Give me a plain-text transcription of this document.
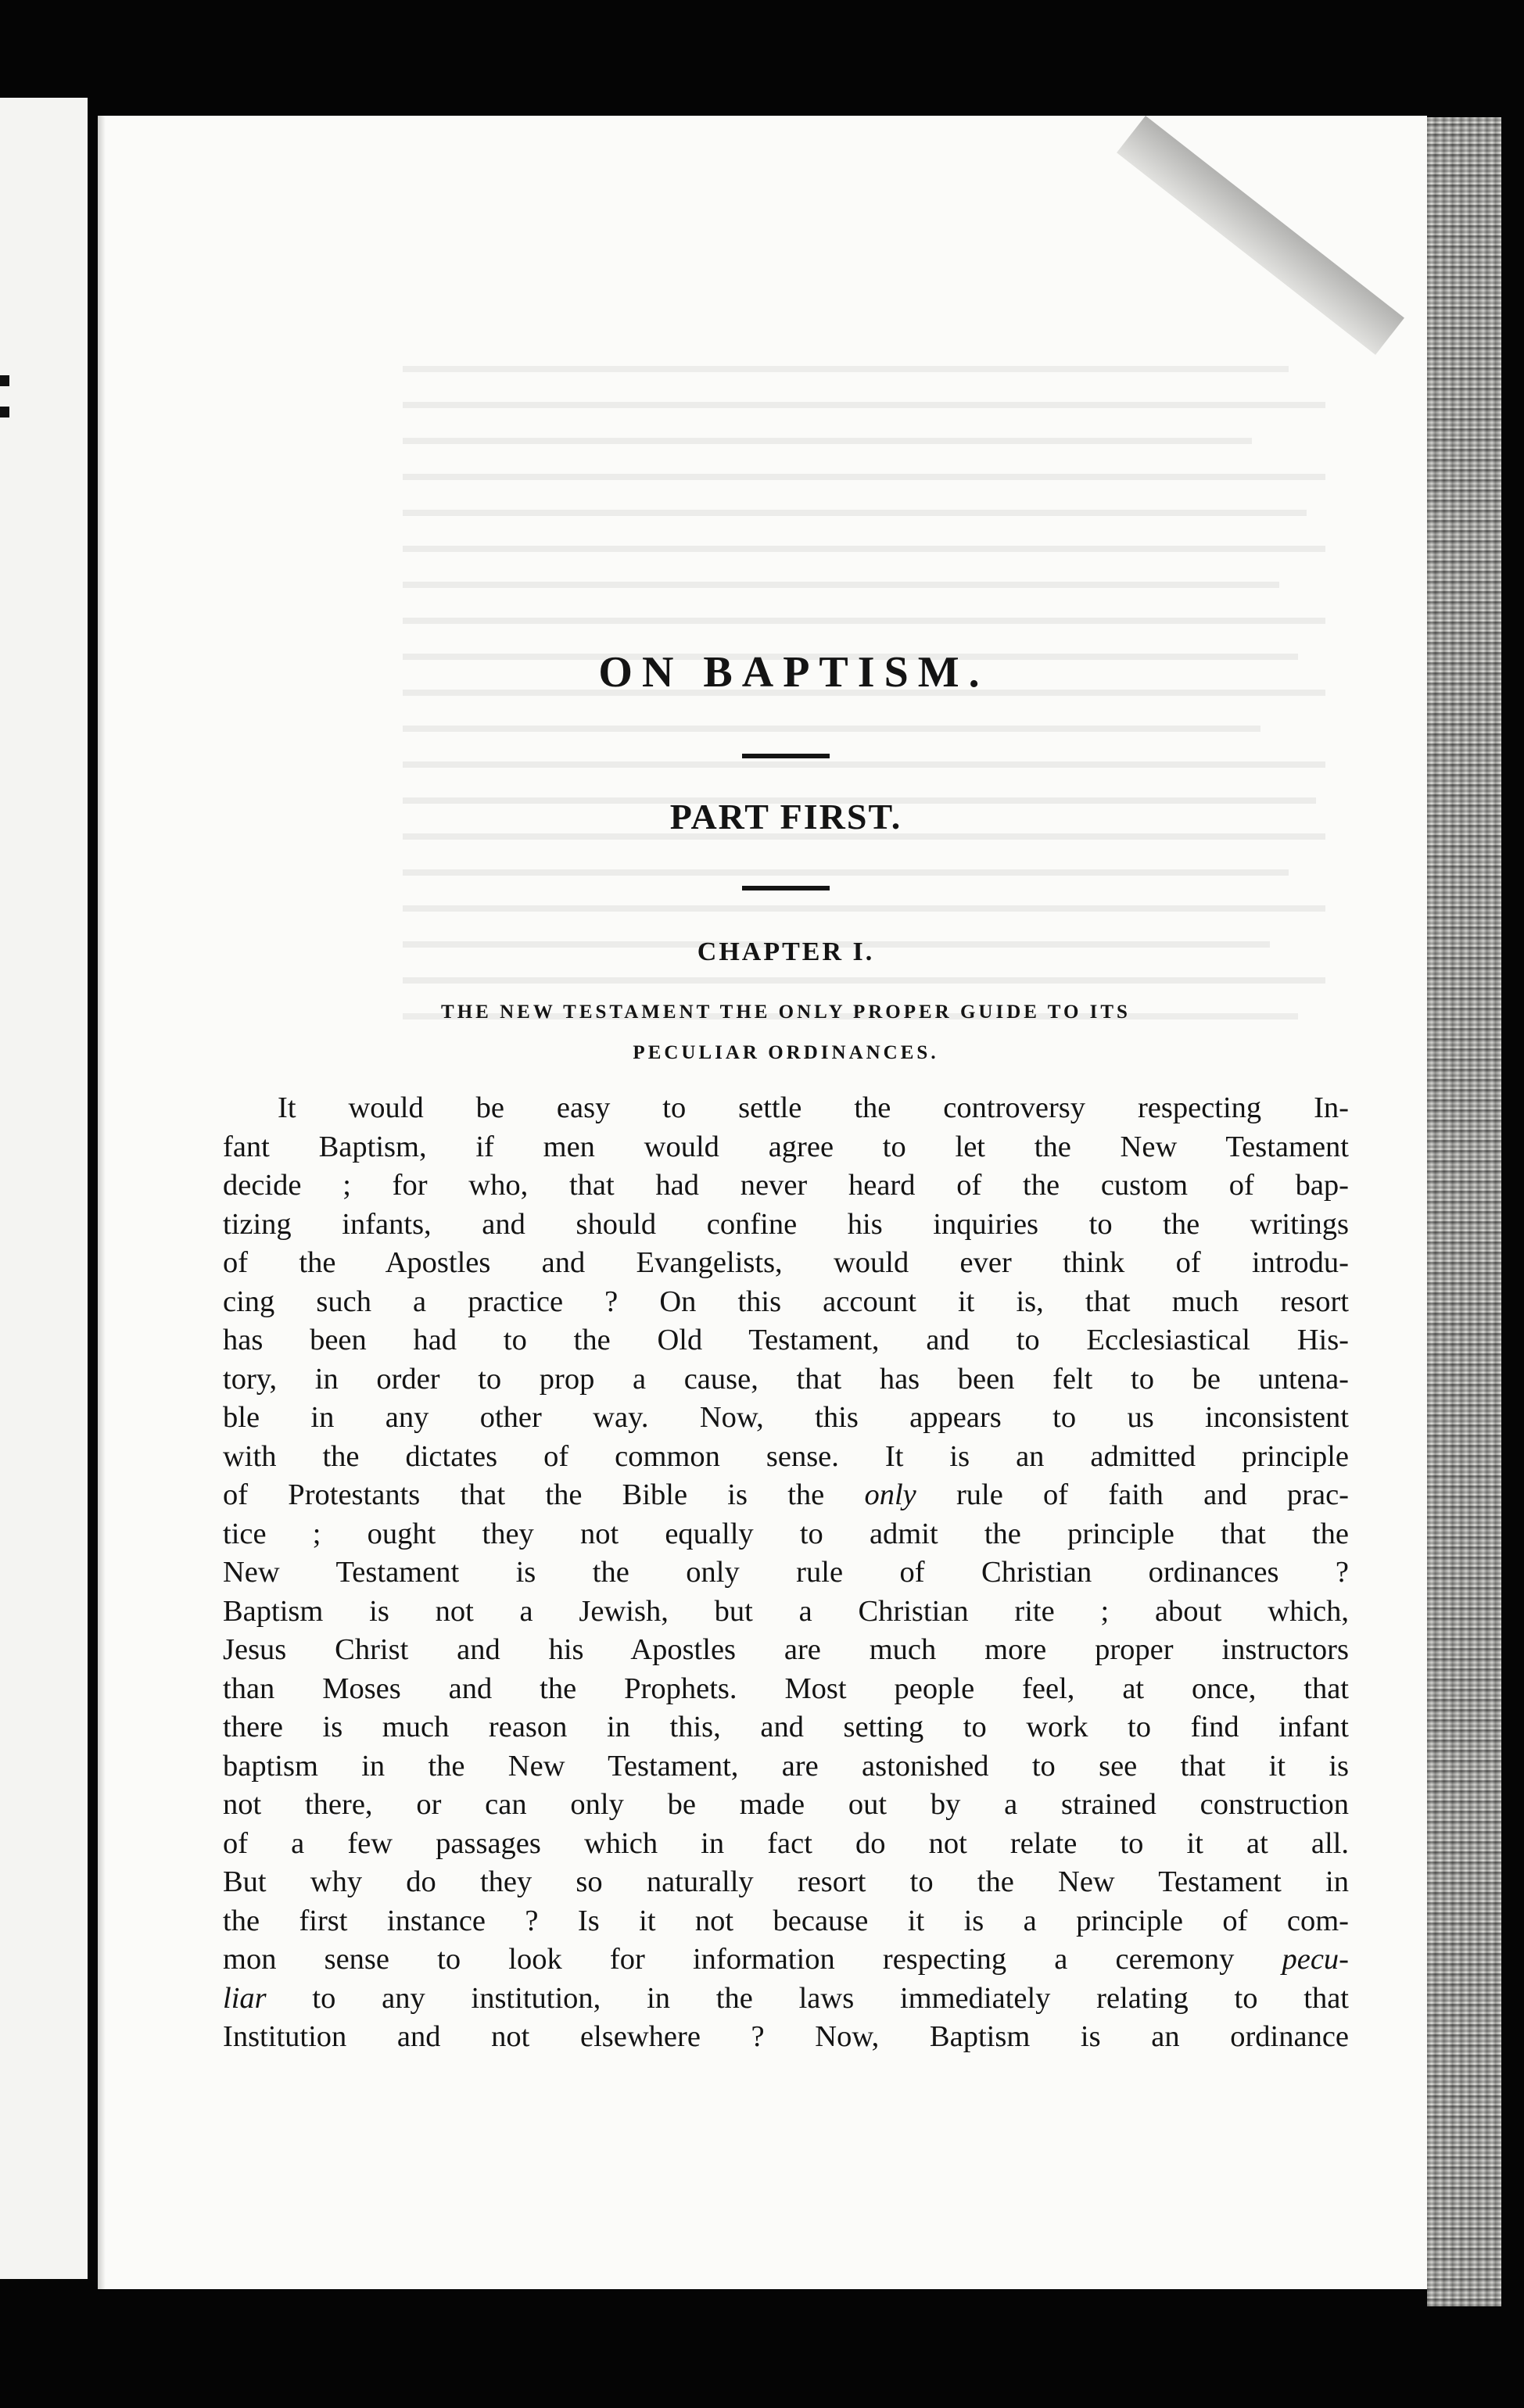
ON BAPTISM.
PART FIRST.
CHAPTER I.
THE NEW TESTAMENT THE ONLY PROPER GUIDE TO ITS
PECULIAR ORDINANCES.
It would be easy to settle the controversy respecting In-
fant Baptism, if men would agree to let the New Testament
decide ; for who, that had never heard of the custom of bap-
tizing infants, and should confine his inquiries to the writings
of the Apostles and Evangelists, would ever think of introdu-
cing such a practice ? On this account it is, that much resort
has been had to the Old Testament, and to Ecclesiastical His-
tory, in order to prop a cause, that has been felt to be untena-
ble in any other way. Now, this appears to us inconsistent
with the dictates of common sense. It is an admitted principle
of Protestants that the Bible is the only rule of faith and prac-
tice ; ought they not equally to admit the principle that the
New Testament is the only rule of Christian ordinances ?
Baptism is not a Jewish, but a Christian rite ; about which,
Jesus Christ and his Apostles are much more proper instructors
than Moses and the Prophets. Most people feel, at once, that
there is much reason in this, and setting to work to find infant
baptism in the New Testament, are astonished to see that it is
not there, or can only be made out by a strained construction
of a few passages which in fact do not relate to it at all.
But why do they so naturally resort to the New Testament in
the first instance ? Is it not because it is a principle of com-
mon sense to look for information respecting a ceremony pecu-
liar to any institution, in the laws immediately relating to that
Institution and not elsewhere ? Now, Baptism is an ordinance
